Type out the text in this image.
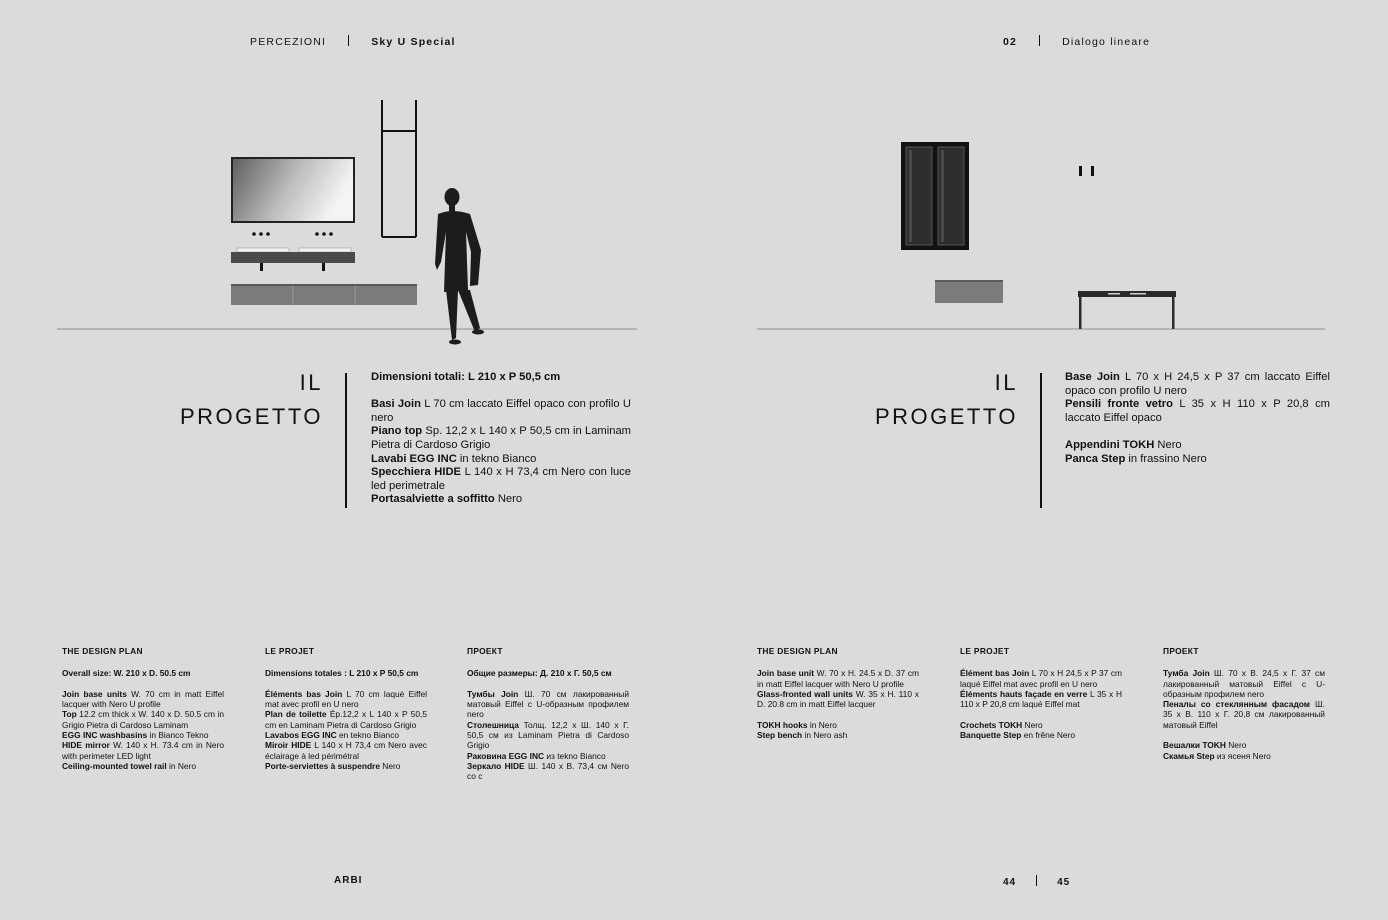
PERCEZIONI	Sky U Special	02	Dialogo lineare
IL
PROGETTO

Dimensioni totali: L 210 x P 50,5 cm

Basi Join L 70 cm laccato Eiffel opaco con profilo U nero

Piano top Sp. 12,2 x L 140 x P 50,5 cm in Laminam Pietra di Cardoso Grigio

Lavabi EGG INC in tekno Bianco

Specchiera HIDE L 140 x H 73,4 cm Nero con luce led perimetrale

Portasalviette a soffitto Nero

IL
PROGETTO

Base Join L 70 x H 24,5 x P 37 cm laccato Eiffel opaco con profilo U nero

Pensili fronte vetro L 35 x H 110 x P 20,8 cm laccato Eiffel opaco

Appendini TOKH Nero

Panca Step in frassino Nero

THE DESIGN PLAN

Overall size: W. 210 x D. 50.5 cm

Join base units W. 70 cm in matt Eiffel lacquer with Nero U profile

Top 12.2 cm thick x W. 140 x D. 50.5 cm in Grigio Pietra di Cardoso Laminam

EGG INC washbasins in Bianco Tekno

HIDE mirror W. 140 x H. 73.4 cm in Nero with perimeter LED light

Ceiling-mounted towel rail in Nero

LE PROJET

Dimensions totales : L 210 x P 50,5 cm

Éléments bas Join L 70 cm laqué Eiffel mat avec profil en U nero

Plan de toilette Ép.12,2 x L 140 x P 50,5 cm en Laminam Pietra di Cardoso Grigio

Lavabos EGG INC en tekno Bianco

Miroir HIDE L 140 x H 73,4 cm Nero avec éclairage à led périmétral

Porte-serviettes à suspendre Nero

ПРОЕКТ

Общие размеры: Д. 210 x Г. 50,5 см

Тумбы Join Ш. 70 см лакированный матовый Eiffel с U-образным профилем nero

Столешница Толщ. 12,2 x Ш. 140 x Г. 50,5 см из Laminam Pietra di Cardoso Grigio

Раковина EGG INC из tekno Bianco

Зеркало HIDE Ш. 140 x В. 73,4 см Nero со с

THE DESIGN PLAN

Join base unit W. 70 x H. 24.5 x D. 37 cm in matt Eiffel lacquer with Nero U profile

Glass-fronted wall units W. 35 x H. 110 x D. 20.8 cm in matt Eiffel lacquer

TOKH hooks in Nero

Step bench in Nero ash

LE PROJET

Élément bas Join L 70 x H 24,5 x P 37 cm laqué Eiffel mat avec profil en U nero

Éléments hauts façade en verre L 35 x H 110 x P 20,8 cm laqué Eiffel mat

Crochets TOKH Nero

Banquette Step en frêne Nero

ПРОЕКТ

Тумба Join Ш. 70 x В. 24,5 x Г. 37 см лакированный матовый Eiffel с U-образным профилем nero

Пеналы со стеклянным фасадом Ш. 35 x В. 110 x Г. 20,8 см лакированный матовый Eiffel

Вешалки TOKH Nero

Скамья Step из ясеня Nero

ARBI	44	45
